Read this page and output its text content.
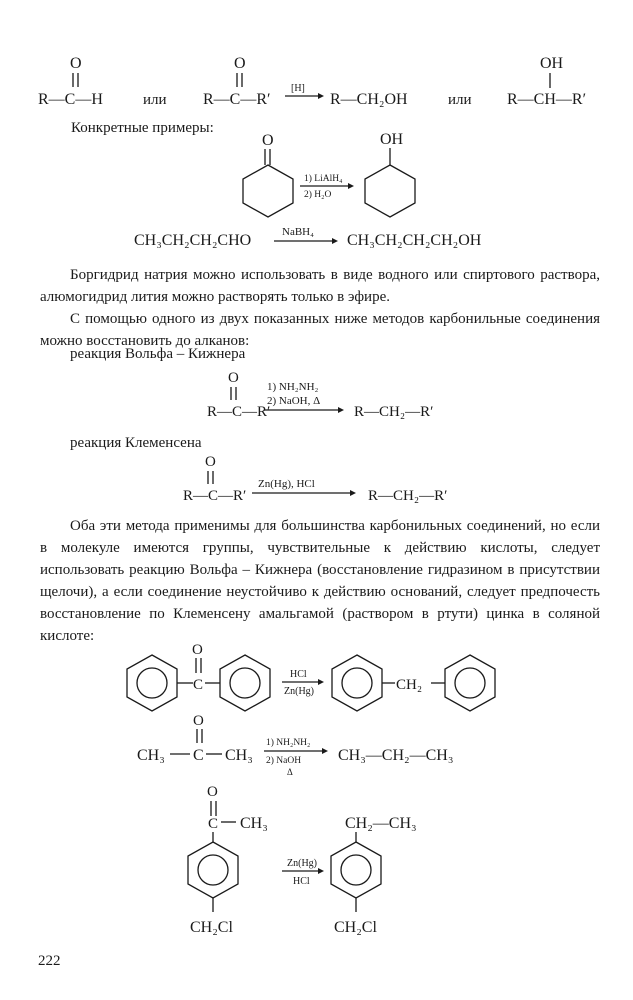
O
R—C—H	или
O
R—C—R′
[H]
R—CH₂OH	или
OH
R—CH—R′
Конкретные примеры:
O
1) LiAlH₄
2) H₂O
OH
CH₃CH₂CH₂CHO	NaBH₄ CH₃CH₂CH₂CH₂OH

Боргидрид натрия можно использовать в виде водного или спиртового раствора, алюмогидрид лития можно растворять только в эфире.

С помощью одного из двух показанных ниже методов карбонильные соединения можно восстановить до алканов:

реакция Вольфа – Кижнера
O
R—C—R′
1) NH₂NH₂
2) NaOH, Δ
R—CH₂—R′
реакция Клеменсена
O
R—C—R′
Zn(Hg), HCl
R—CH₂—R′

Оба эти метода применимы для большинства карбонильных соединений, но если в молекуле имеются группы, чувствительные к действию кислоты, следует использовать реакцию Вольфа – Кижнера (восстановление гидразином в присутствии щелочи), а если соединение неустойчиво к действию оснований, следует предпочесть восстановление по Клеменсену амальгамой (раствором в ртути) цинка в соляной кислоте:

C
O
HCl
Zn(Hg)	CH₂
O
CH₃ C CH₃
1) NH₂NH₂
2) NaOH
Δ
CH₃—CH₂—CH₃
O
C CH₃
CH₂Cl
Zn(Hg)
HCl
CH₂—CH₃
CH₂Cl
222
